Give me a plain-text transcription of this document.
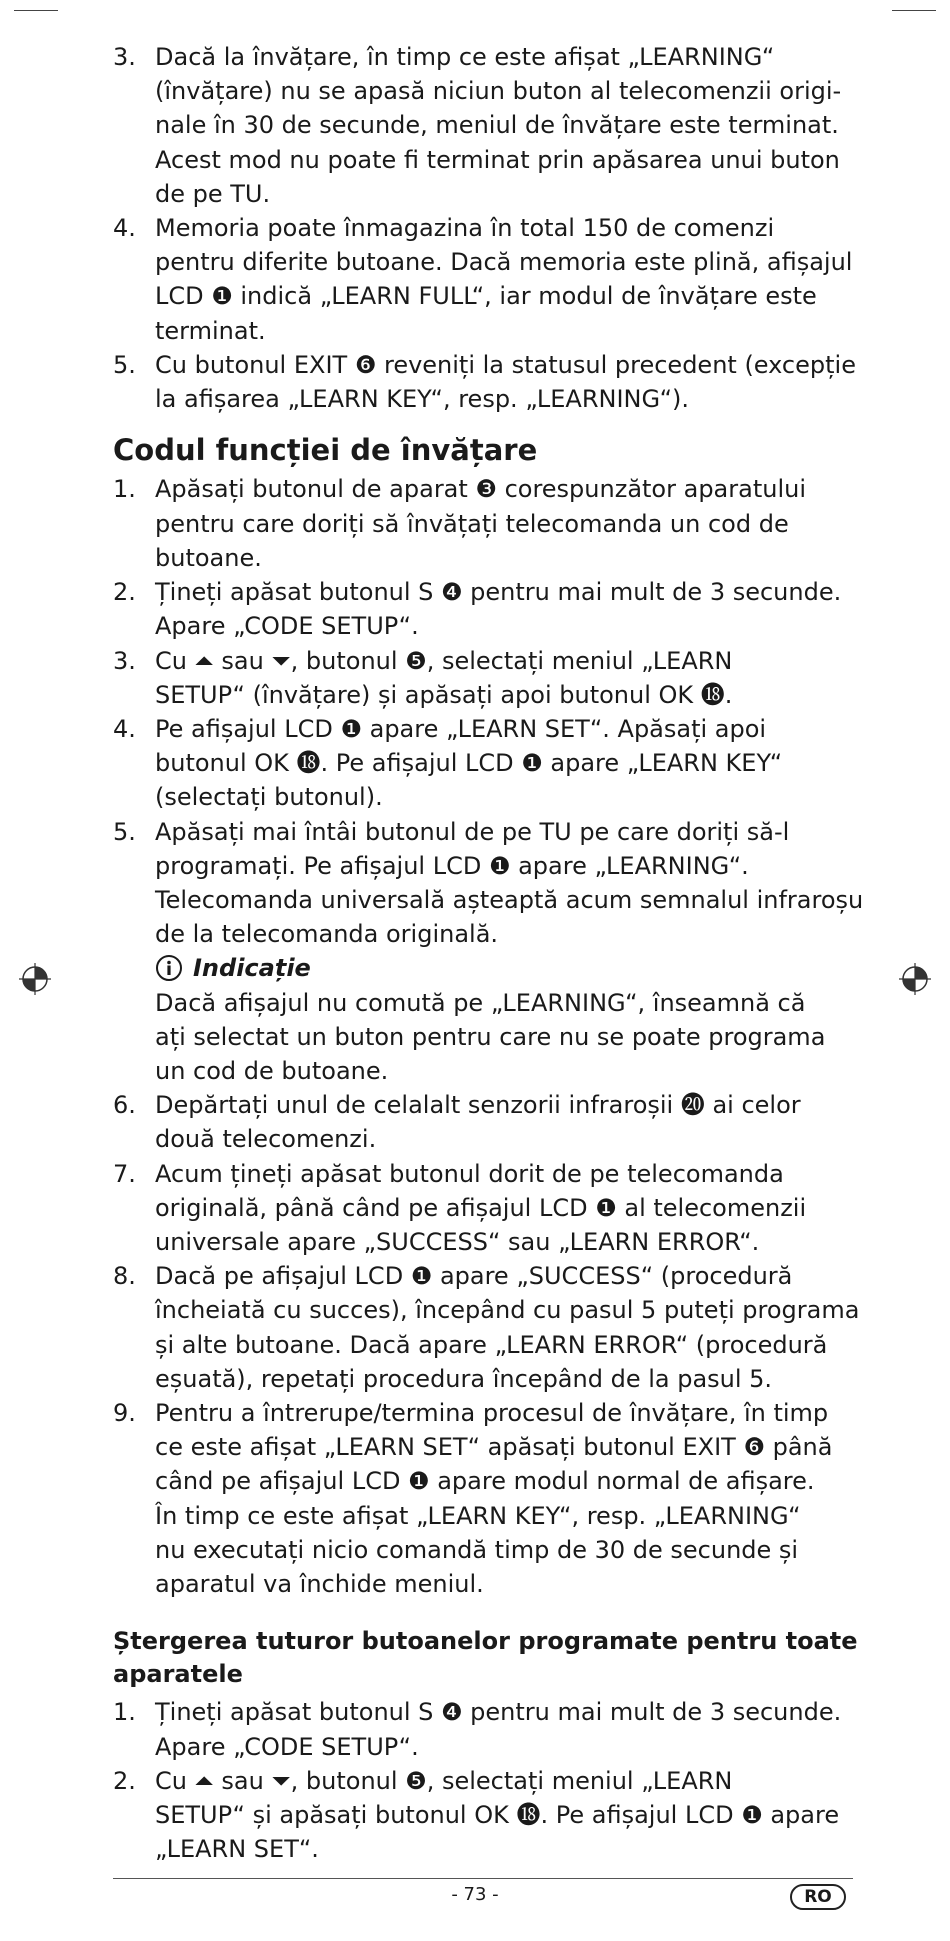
3. Dacă la învățare, în timp ce este afișat „LEARNING“
(învățare) nu se apasă niciun buton al telecomenzii origi-
nale în 30 de secunde, meniul de învățare este terminat.
Acest mod nu poate fi terminat prin apăsarea unui buton
de pe TU.
4. Memoria poate înmagazina în total 150 de comenzi
pentru diferite butoane. Dacă memoria este plină, afișajul
LCD ❶ indică „LEARN FULL“, iar modul de învățare este
terminat.
5. Cu butonul EXIT ❻ reveniți la statusul precedent (excepție
la afișarea „LEARN KEY“, resp. „LEARNING“).
Codul funcției de învățare
1. Apăsați butonul de aparat ❸ corespunzător aparatului
pentru care doriți să învățați telecomanda un cod de
butoane.
2. Țineți apăsat butonul S ❹ pentru mai mult de 3 secunde.
Apare „CODE SETUP“.
3. Cu ⏶ sau ⏷, butonul ❺, selectați meniul „LEARN
SETUP“ (învățare) și apăsați apoi butonul OK ⓲.
4. Pe afișajul LCD ❶ apare „LEARN SET“. Apăsați apoi
butonul OK ⓲. Pe afișajul LCD ❶ apare „LEARN KEY“
(selectați butonul).
5. Apăsați mai întâi butonul de pe TU pe care doriți să-l
programați. Pe afișajul LCD ❶ apare „LEARNING“.
Telecomanda universală așteaptă acum semnalul infraroșu
de la telecomanda originală.
Indicație
Dacă afișajul nu comută pe „LEARNING“, înseamnă că
ați selectat un buton pentru care nu se poate programa
un cod de butoane.
6. Depărtați unul de celalalt senzorii infraroșii ⓴ ai celor
două telecomenzi.
7. Acum țineți apăsat butonul dorit de pe telecomanda
originală, până când pe afișajul LCD ❶ al telecomenzii
universale apare „SUCCESS“ sau „LEARN ERROR“.
8. Dacă pe afișajul LCD ❶ apare „SUCCESS“ (procedură
încheiată cu succes), începând cu pasul 5 puteți programa
și alte butoane. Dacă apare „LEARN ERROR“ (procedură
eșuată), repetați procedura începând de la pasul 5.
9. Pentru a întrerupe/termina procesul de învățare, în timp
ce este afișat „LEARN SET“ apăsați butonul EXIT ❻ până
când pe afișajul LCD ❶ apare modul normal de afișare.
În timp ce este afișat „LEARN KEY“, resp. „LEARNING“
nu executați nicio comandă timp de 30 de secunde și
aparatul va închide meniul.
Ștergerea tuturor butoanelor programate pentru toate
aparatele
1. Țineți apăsat butonul S ❹ pentru mai mult de 3 secunde.
Apare „CODE SETUP“.
2. Cu ⏶ sau ⏷, butonul ❺, selectați meniul „LEARN
SETUP“ și apăsați butonul OK ⓲. Pe afișajul LCD ❶ apare
„LEARN SET“.
- 73 -	RO
